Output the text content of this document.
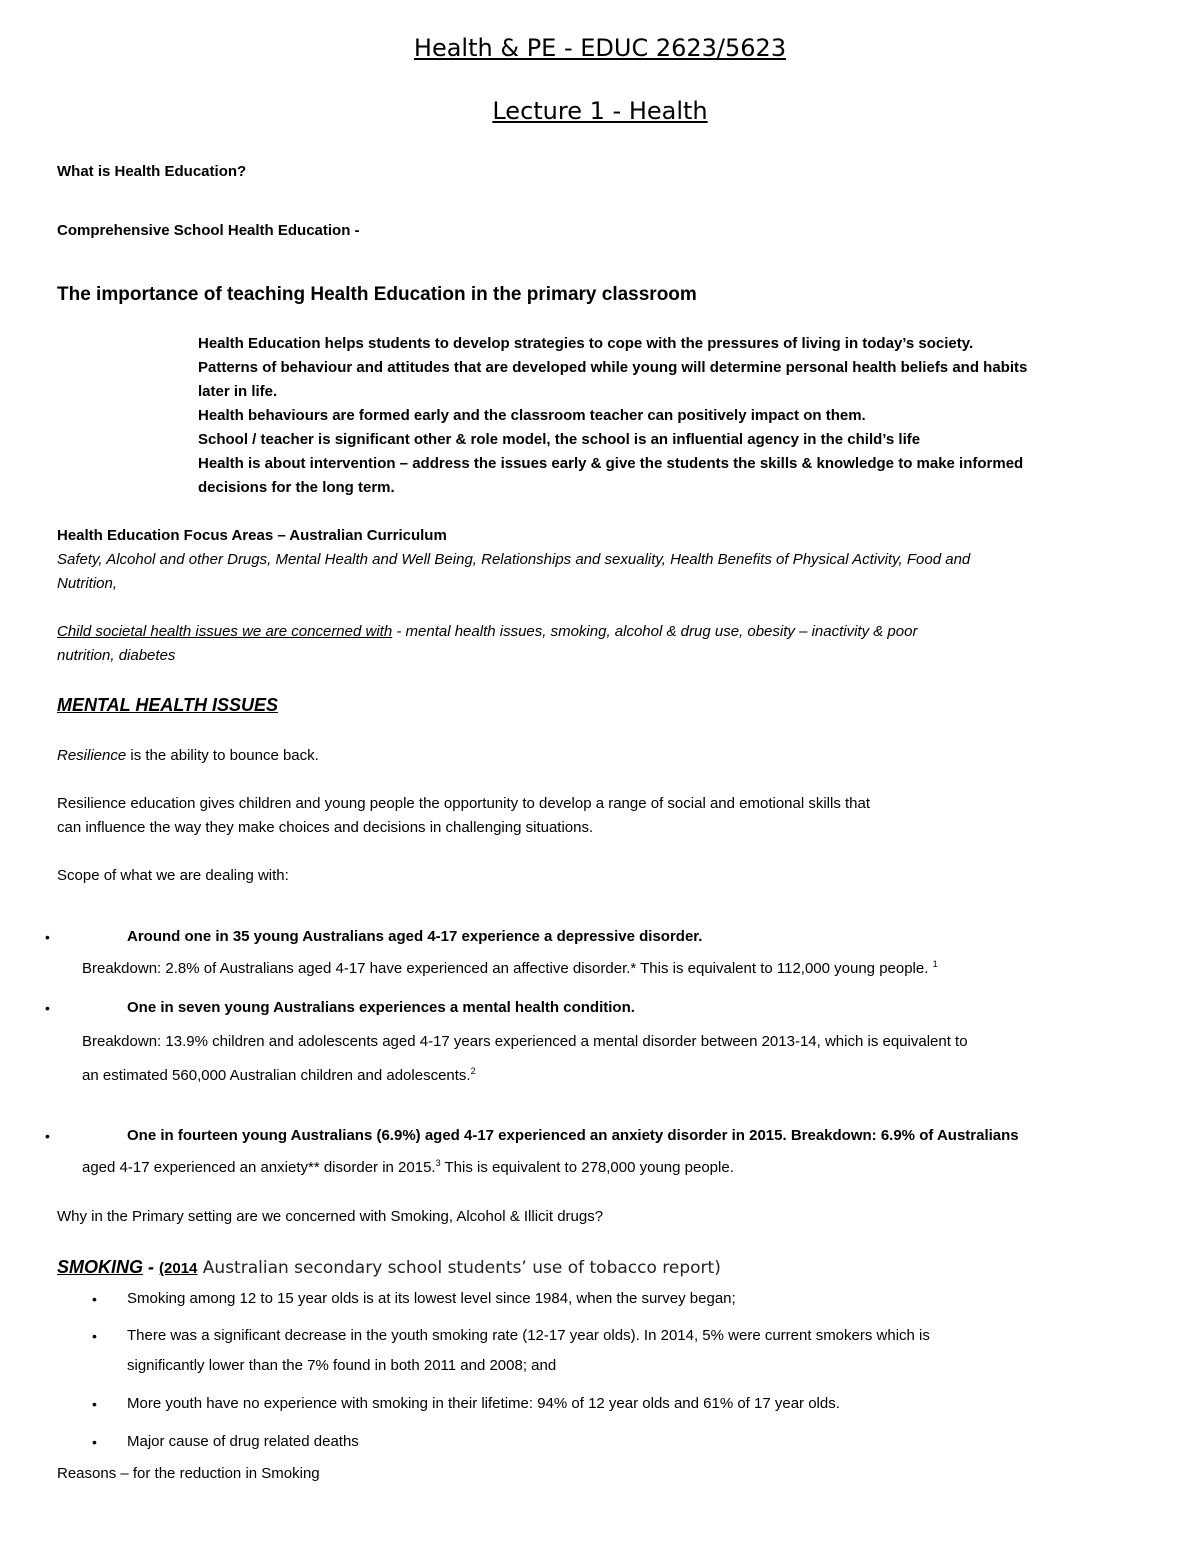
Health & PE - EDUC 2623/5623
Lecture 1 - Health
What is Health Education?
Comprehensive School Health Education -
The importance of teaching Health Education in the primary classroom
Health Education helps students to develop strategies to cope with the pressures of living in today’s society.
Patterns of behaviour and attitudes that are developed while young will determine personal health beliefs and habits
later in life.
Health behaviours are formed early and the classroom teacher can positively impact on them.
School / teacher is significant other & role model, the school is an influential agency in the child’s life
Health is about intervention – address the issues early & give the students the skills & knowledge to make informed
decisions for the long term.
Health Education Focus Areas – Australian Curriculum
Safety, Alcohol and other Drugs, Mental Health and Well Being, Relationships and sexuality, Health Benefits of Physical Activity, Food and
Nutrition,
Child societal health issues we are concerned with - mental health issues, smoking, alcohol & drug use, obesity – inactivity & poor
nutrition, diabetes
MENTAL HEALTH ISSUES
Resilience is the ability to bounce back.
Resilience education gives children and young people the opportunity to develop a range of social and emotional skills that
can influence the way they make choices and decisions in challenging situations.
Scope of what we are dealing with:
•	Around one in 35 young Australians aged 4-17 experience a depressive disorder.
Breakdown: 2.8% of Australians aged 4-17 have experienced an affective disorder.* This is equivalent to 112,000 young people. $^1$
•	One in seven young Australians experiences a mental health condition.
Breakdown: 13.9% children and adolescents aged 4-17 years experienced a mental disorder between 2013-14, which is equivalent to
an estimated 560,000 Australian children and adolescents.$^2$
•	One in fourteen young Australians (6.9%) aged 4-17 experienced an anxiety disorder in 2015. Breakdown: 6.9% of Australians
aged 4-17 experienced an anxiety** disorder in 2015.$^3$ This is equivalent to 278,000 young people.
Why in the Primary setting are we concerned with Smoking, Alcohol & Illicit drugs?
SMOKING - (2014 Australian secondary school students’ use of tobacco report)
• Smoking among 12 to 15 year olds is at its lowest level since 1984, when the survey began;
• There was a significant decrease in the youth smoking rate (12-17 year olds). In 2014, 5% were current smokers which is
significantly lower than the 7% found in both 2011 and 2008; and
• More youth have no experience with smoking in their lifetime: 94% of 12 year olds and 61% of 17 year olds.
• Major cause of drug related deaths
Reasons – for the reduction in Smoking
